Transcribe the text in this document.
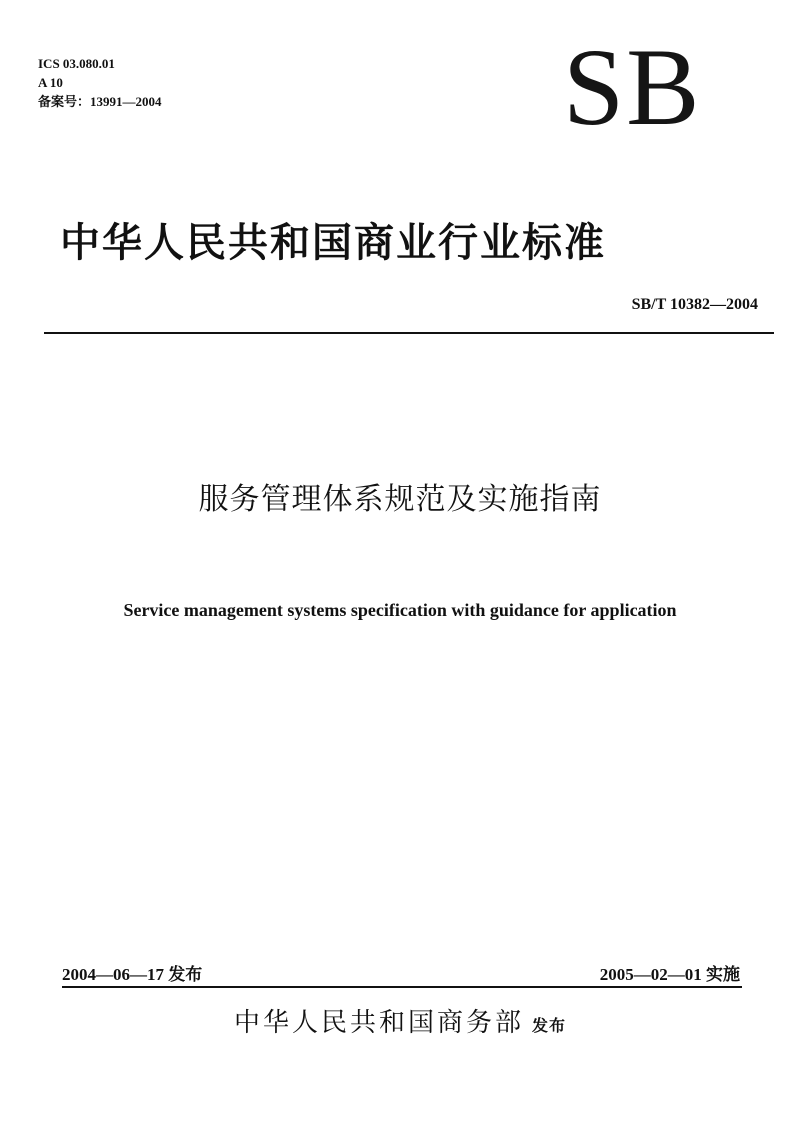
ICS 03.080.01
A 10
备案号：13991—2004	SB
中华人民共和国商业行业标准
SB/T 10382—2004
服务管理体系规范及实施指南
Service management systems specification with guidance for application
2004—06—17 发布	2005—02—01 实施
中华人民共和国商务部 发布
